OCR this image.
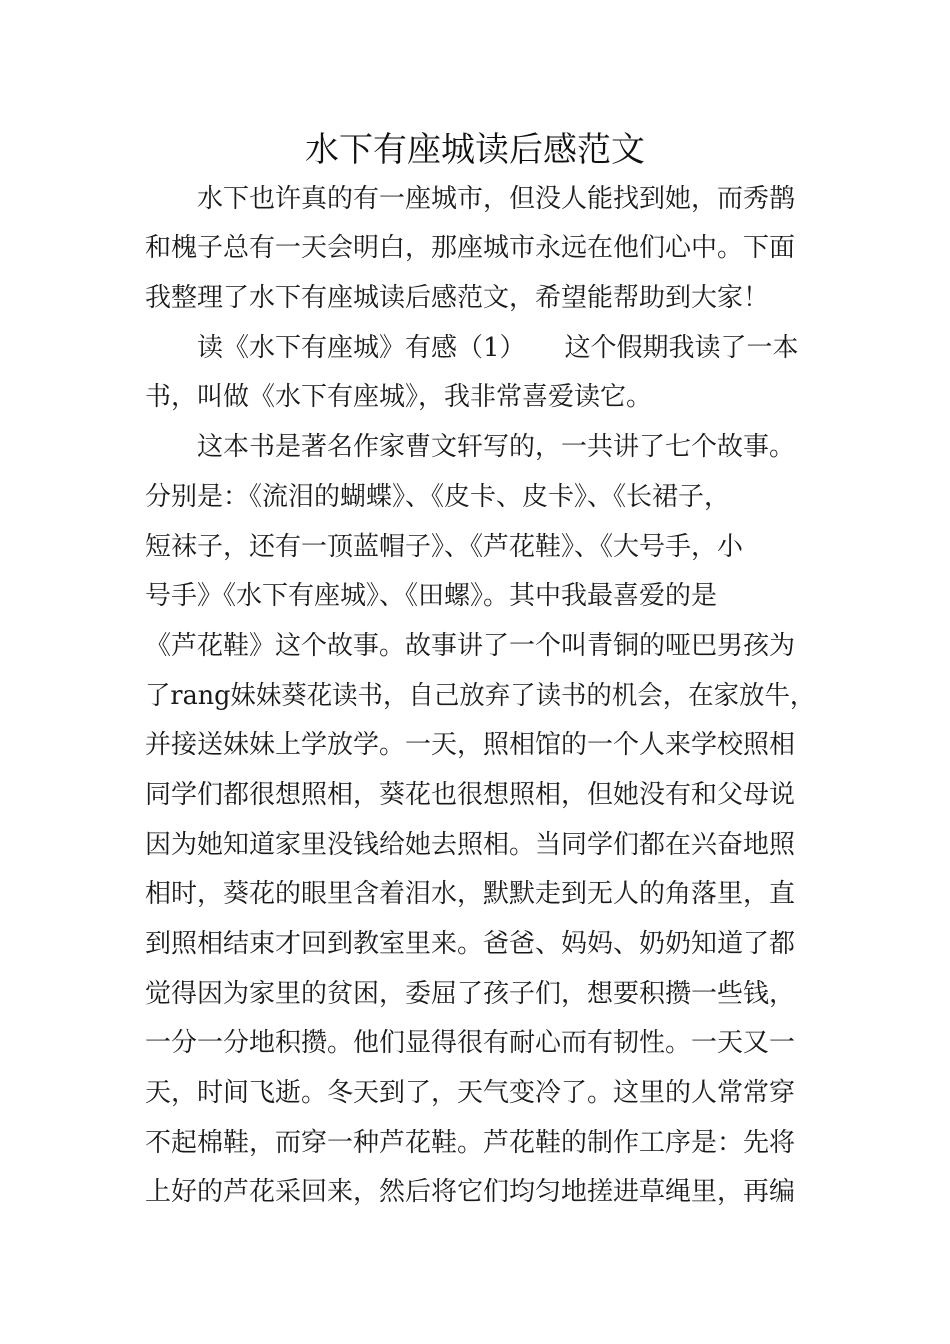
水下有座城读后感范文
　　水下也许真的有一座城市，但没人能找到她，而秀鹊
和槐子总有一天会明白，那座城市永远在他们心中。下面
我整理了水下有座城读后感范文，希望能帮助到大家！
　　读《水下有座城》有感（1）　　这个假期我读了一本
书，叫做《水下有座城》，我非常喜爱读它。
　　这本书是著名作家曹文轩写的，一共讲了七个故事。
分别是：《流泪的蝴蝶》、《皮卡、皮卡》、《长裙子，
短袜子，还有一顶蓝帽子》、《芦花鞋》、《大号手，小
号手》《水下有座城》、《田螺》。其中我最喜爱的是
《芦花鞋》这个故事。故事讲了一个叫青铜的哑巴男孩为
了rang妹妹葵花读书，自己放弃了读书的机会，在家放牛，
并接送妹妹上学放学。一天，照相馆的一个人来学校照相
同学们都很想照相，葵花也很想照相，但她没有和父母说
因为她知道家里没钱给她去照相。当同学们都在兴奋地照
相时，葵花的眼里含着泪水，默默走到无人的角落里，直
到照相结束才回到教室里来。爸爸、妈妈、奶奶知道了都
觉得因为家里的贫困，委屈了孩子们，想要积攒一些钱，
一分一分地积攒。他们显得很有耐心而有韧性。一天又一
天，时间飞逝。冬天到了，天气变冷了。这里的人常常穿
不起棉鞋，而穿一种芦花鞋。芦花鞋的制作工序是：先将
上好的芦花采回来，然后将它们均匀地搓进草绳里，再编
